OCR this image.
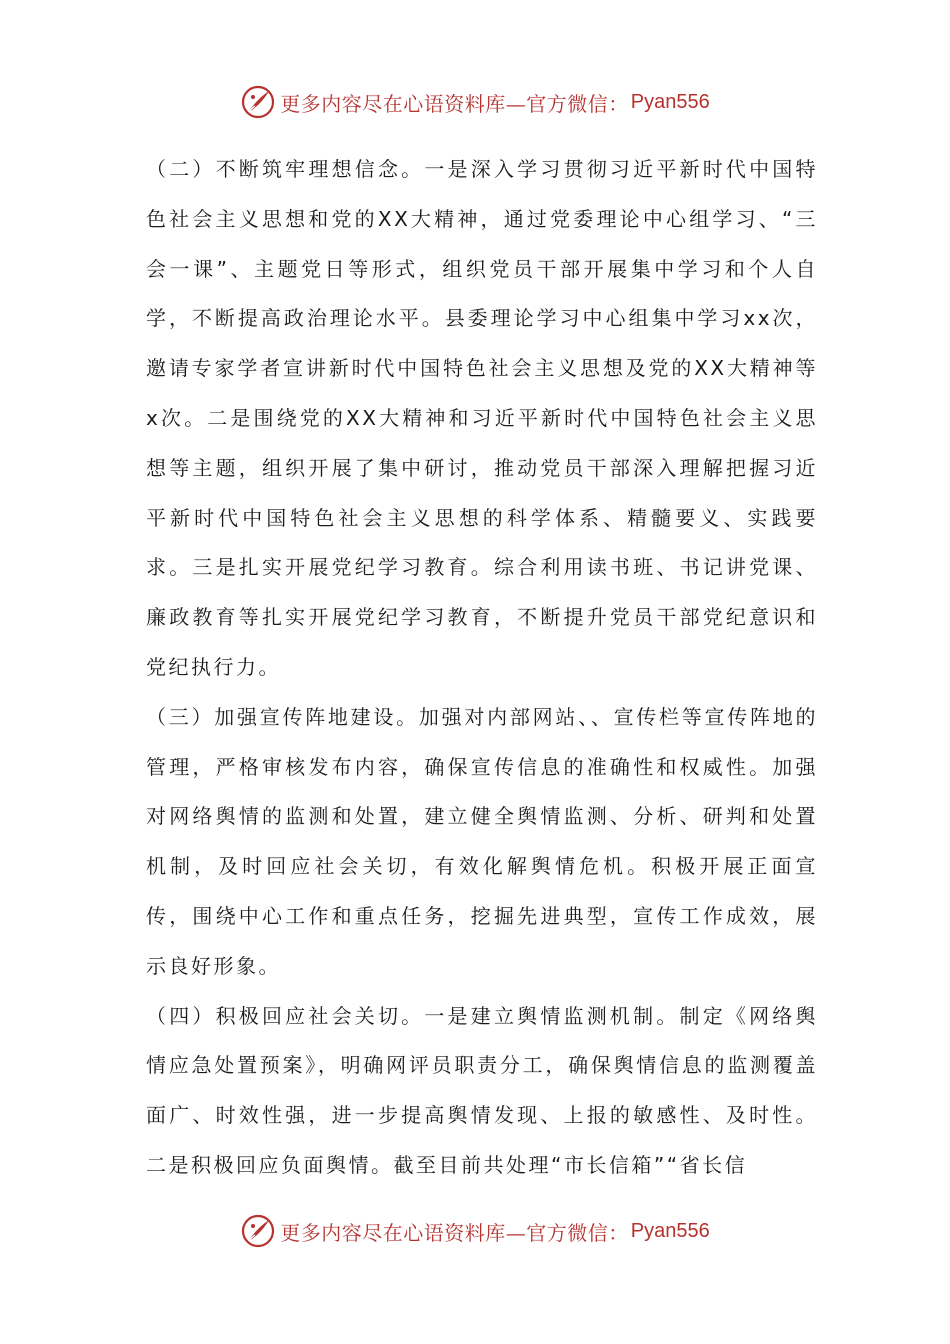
更多内容尽在心语资料库—官方微信： Pyan556

（二）不断筑牢理想信念。一是深入学习贯彻习近平新时代中国特色社会主义思想和党的XX大精神，通过党委理论中心组学习、“三会一课”、主题党日等形式，组织党员干部开展集中学习和个人自学，不断提高政治理论水平。县委理论学习中心组集中学习xx次，邀请专家学者宣讲新时代中国特色社会主义思想及党的XX大精神等x次。二是围绕党的XX大精神和习近平新时代中国特色社会主义思想等主题，组织开展了集中研讨，推动党员干部深入理解把握习近平新时代中国特色社会主义思想的科学体系、精髓要义、实践要求。三是扎实开展党纪学习教育。综合利用读书班、书记讲党课、廉政教育等扎实开展党纪学习教育，不断提升党员干部党纪意识和党纪执行力。

（三）加强宣传阵地建设。加强对内部网站、、宣传栏等宣传阵地的管理，严格审核发布内容，确保宣传信息的准确性和权威性。加强对网络舆情的监测和处置，建立健全舆情监测、分析、研判和处置机制，及时回应社会关切，有效化解舆情危机。积极开展正面宣传，围绕中心工作和重点任务，挖掘先进典型，宣传工作成效，展示良好形象。

（四）积极回应社会关切。一是建立舆情监测机制。制定《网络舆情应急处置预案》，明确网评员职责分工，确保舆情信息的监测覆盖面广、时效性强，进一步提高舆情发现、上报的敏感性、及时性。二是积极回应负面舆情。截至目前共处理“市长信箱”“省长信

更多内容尽在心语资料库—官方微信： Pyan556
